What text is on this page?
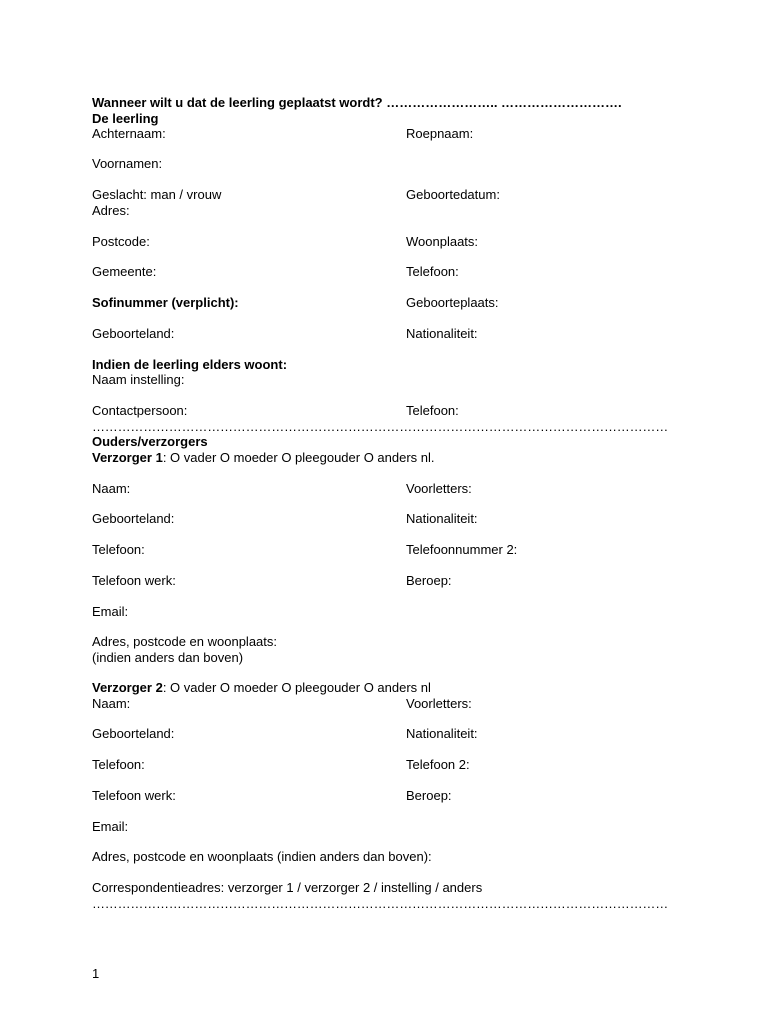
Wanneer wilt u dat de leerling geplaatst wordt? …………………….. ……………………….
De leerling
Achternaam:	Roepnaam:
Voornamen:
Geslacht: man / vrouw	Geboortedatum:
Adres:
Postcode:	Woonplaats:
Gemeente:	Telefoon:
Sofinummer (verplicht):	Geboorteplaats:
Geboorteland:	Nationaliteit:
Indien de leerling elders woont:
Naam instelling:
Contactpersoon:	Telefoon:
………………………………………………………………………………………………………………………
Ouders/verzorgers
Verzorger 1: O vader O moeder O pleegouder O anders nl.
Naam:	Voorletters:
Geboorteland:	Nationaliteit:
Telefoon:	Telefoonnummer 2:
Telefoon werk:	Beroep:
Email:
Adres, postcode en woonplaats:
(indien anders dan boven)
Verzorger 2: O vader O moeder O pleegouder O anders nl
Naam:	Voorletters:
Geboorteland:	Nationaliteit:
Telefoon:	Telefoon 2:
Telefoon werk:	Beroep:
Email:
Adres, postcode en woonplaats (indien anders dan boven):
Correspondentieadres: verzorger 1 / verzorger 2 / instelling / anders
………………………………………………………………………………………………………………………
1
